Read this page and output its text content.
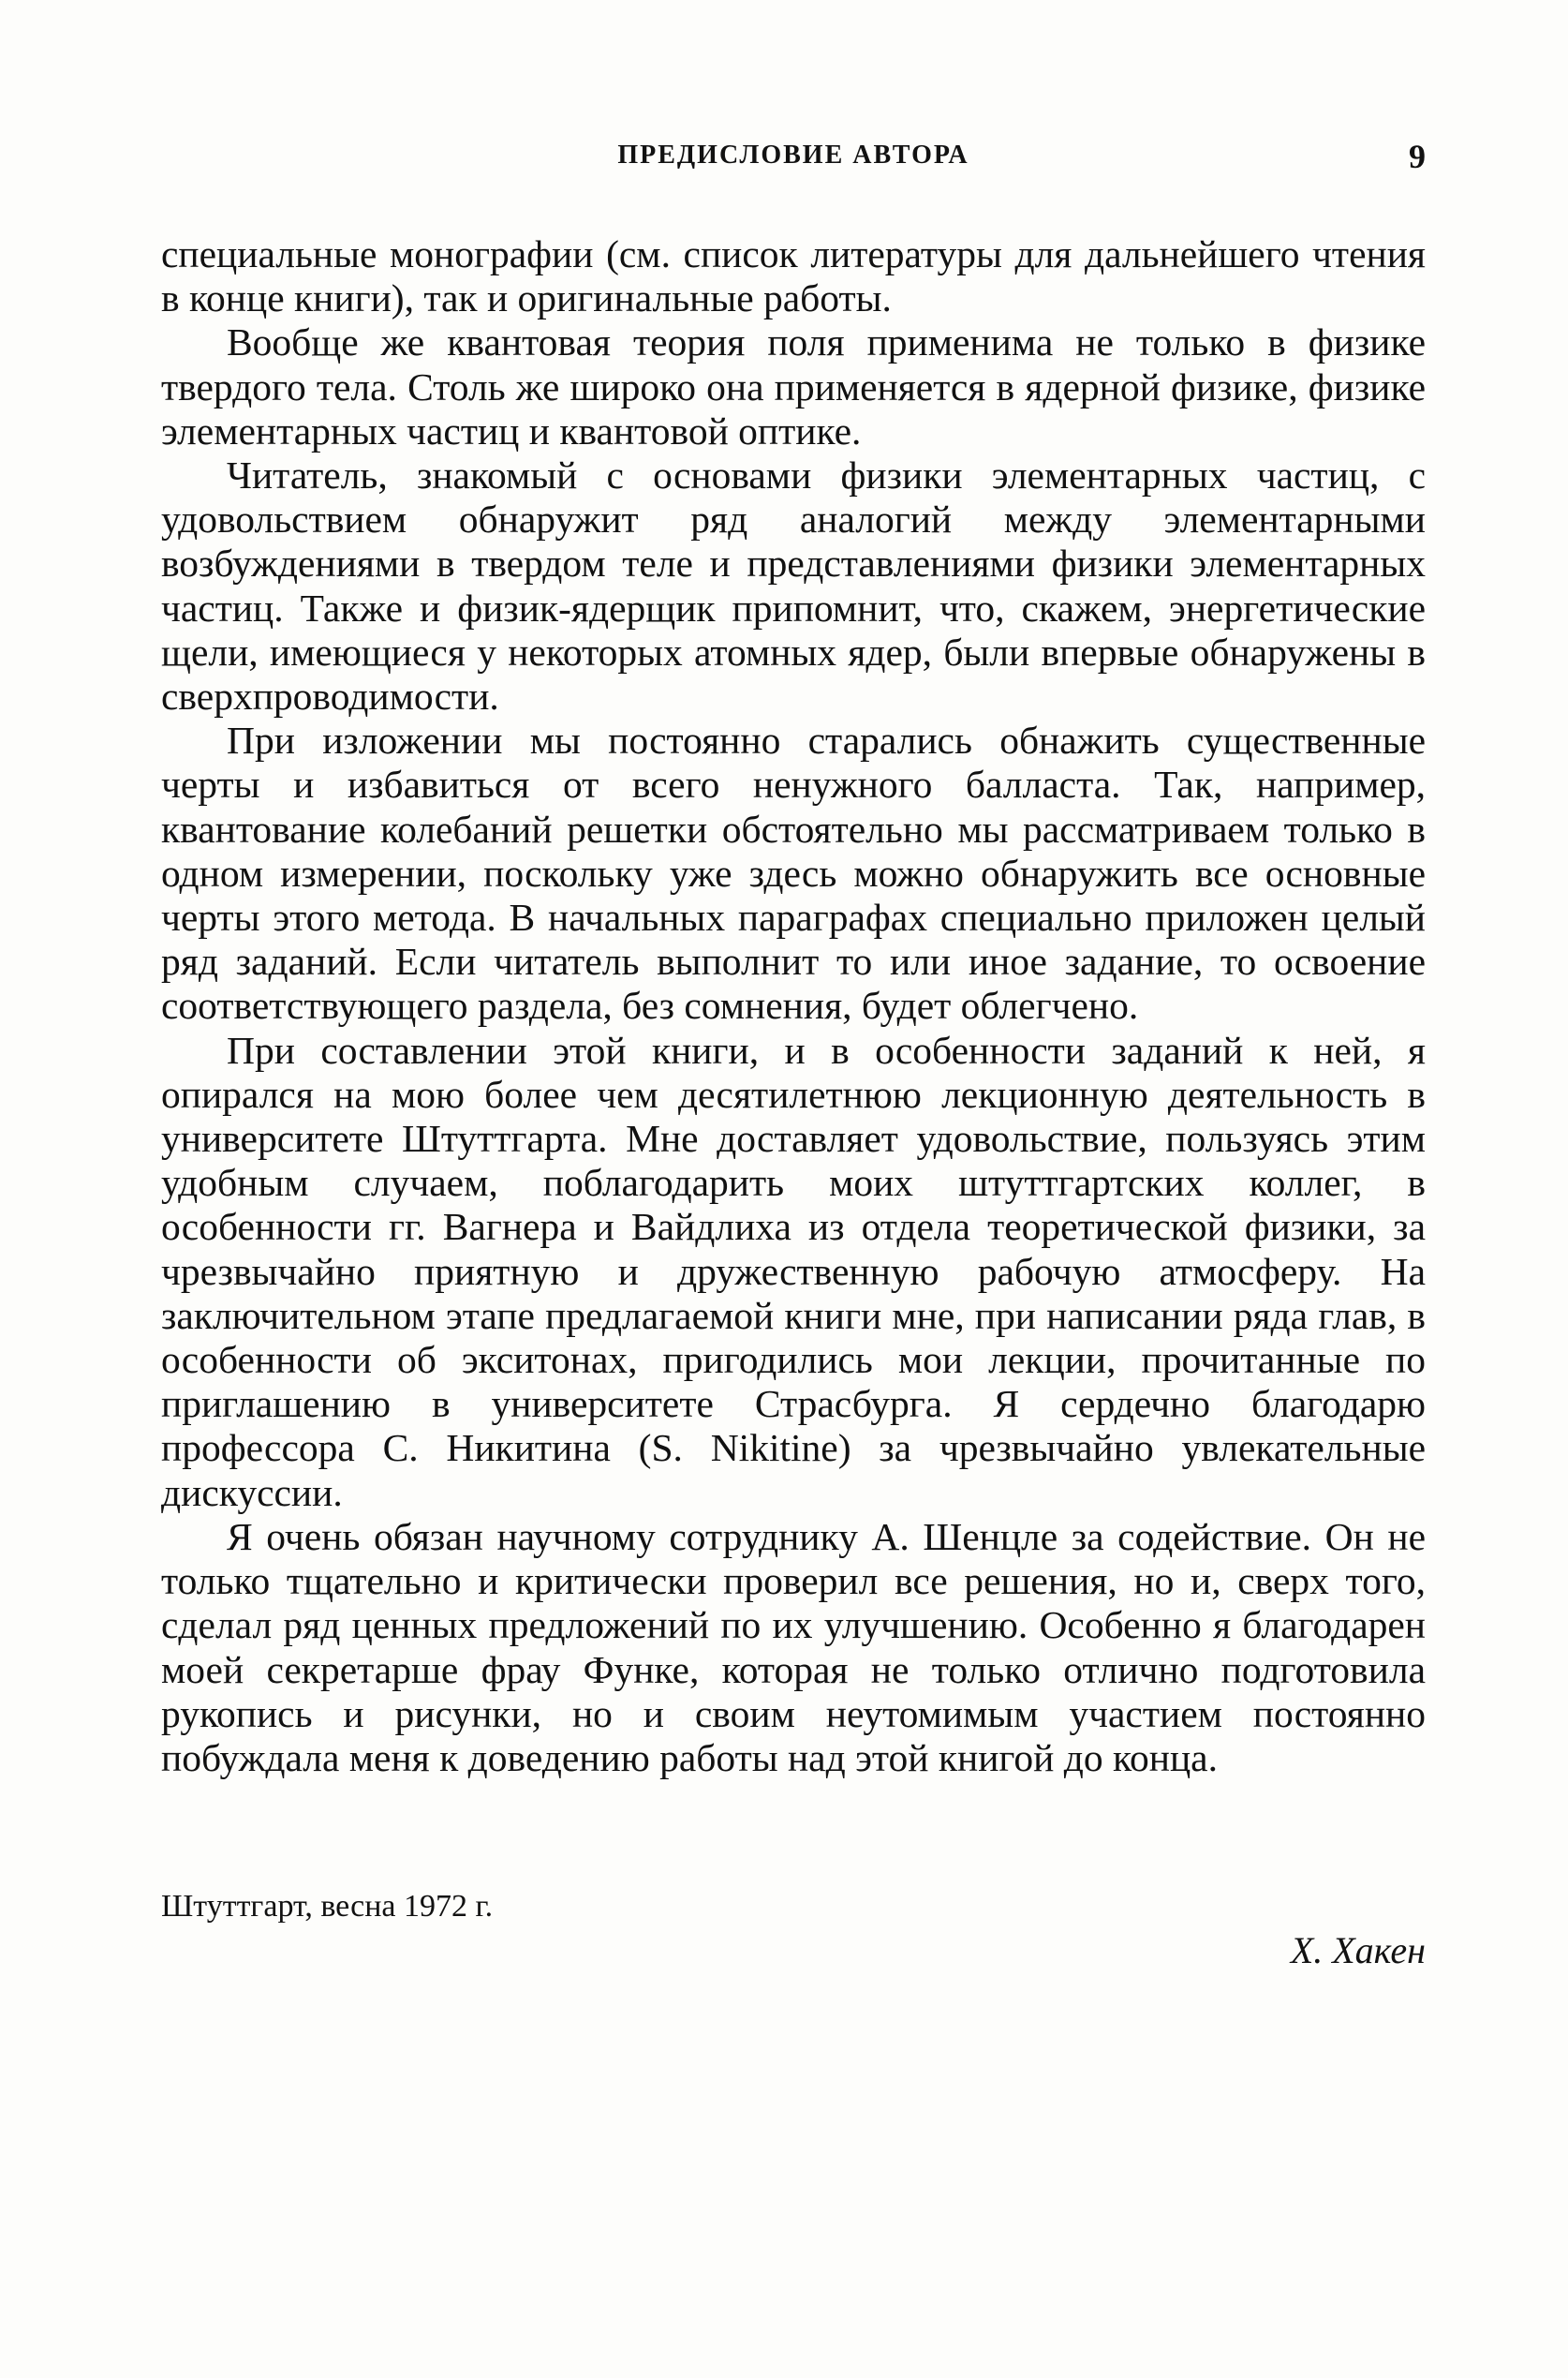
ПРЕДИСЛОВИЕ АВТОРА	9

специальные монографии (см. список литературы для дальнейшего чтения в конце книги), так и оригинальные работы.

Вообще же квантовая теория поля применима не только в физике твердого тела. Столь же широко она применяется в ядерной физике, физике элементарных частиц и квантовой оптике.

Читатель, знакомый с основами физики элементарных частиц, с удовольствием обнаружит ряд аналогий между элементарными возбуждениями в твердом теле и представлениями физики элементарных частиц. Также и физик-ядерщик припомнит, что, скажем, энергетические щели, имеющиеся у некоторых атомных ядер, были впервые обнаружены в сверхпроводимости.

При изложении мы постоянно старались обнажить существенные черты и избавиться от всего ненужного балласта. Так, например, квантование колебаний решетки обстоятельно мы рассматриваем только в одном измерении, поскольку уже здесь можно обнаружить все основные черты этого метода. В начальных параграфах специально приложен целый ряд заданий. Если читатель выполнит то или иное задание, то освоение соответствующего раздела, без сомнения, будет облегчено.

При составлении этой книги, и в особенности заданий к ней, я опирался на мою более чем десятилетнюю лекционную деятельность в университете Штуттгарта. Мне доставляет удовольствие, пользуясь этим удобным случаем, поблагодарить моих штуттгартских коллег, в особенности гг. Вагнера и Вайдлиха из отдела теоретической физики, за чрезвычайно приятную и дружественную рабочую атмосферу. На заключительном этапе предлагаемой книги мне, при написании ряда глав, в особенности об экситонах, пригодились мои лекции, прочитанные по приглашению в университете Страсбурга. Я сердечно благодарю профессора С. Никитина (S. Nikitine) за чрезвычайно увлекательные дискуссии.

Я очень обязан научному сотруднику А. Шенцле за содействие. Он не только тщательно и критически проверил все решения, но и, сверх того, сделал ряд ценных предложений по их улучшению. Особенно я благодарен моей секретарше фрау Функе, которая не только отлично подготовила рукопись и рисунки, но и своим неутомимым участием постоянно побуждала меня к доведению работы над этой книгой до конца.

Штуттгарт, весна 1972 г.
Х. Хакен
